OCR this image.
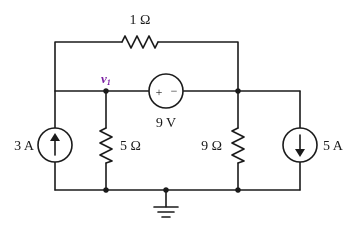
1 Ω
5 Ω	9 Ω
+ −
9 V
3 A	5 A
v1
